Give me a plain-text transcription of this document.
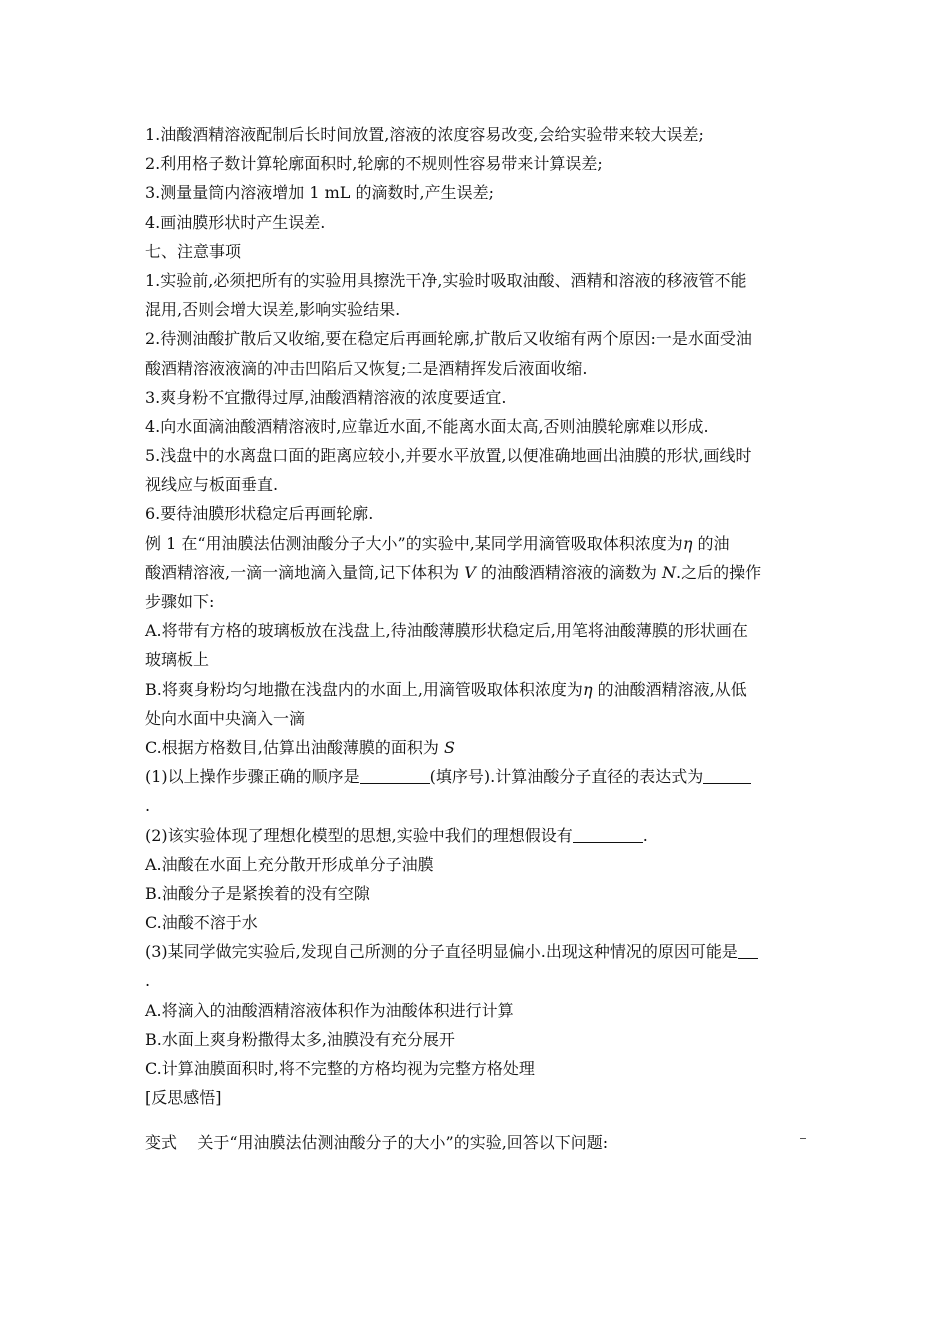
1.油酸酒精溶液配制后长时间放置,溶液的浓度容易改变,会给实验带来较大误差;
2.利用格子数计算轮廓面积时,轮廓的不规则性容易带来计算误差;
3.测量量筒内溶液增加 1 mL 的滴数时,产生误差;
4.画油膜形状时产生误差.
七、注意事项
1.实验前,必须把所有的实验用具擦洗干净,实验时吸取油酸、酒精和溶液的移液管不能
混用,否则会增大误差,影响实验结果.
2.待测油酸扩散后又收缩,要在稳定后再画轮廓,扩散后又收缩有两个原因:一是水面受油
酸酒精溶液液滴的冲击凹陷后又恢复;二是酒精挥发后液面收缩.
3.爽身粉不宜撒得过厚,油酸酒精溶液的浓度要适宜.
4.向水面滴油酸酒精溶液时,应靠近水面,不能离水面太高,否则油膜轮廓难以形成.
5.浅盘中的水离盘口面的距离应较小,并要水平放置,以便准确地画出油膜的形状,画线时
视线应与板面垂直.
6.要待油膜形状稳定后再画轮廓.
例 1 在“用油膜法估测油酸分子大小”的实验中,某同学用滴管吸取体积浓度为η 的油
酸酒精溶液,一滴一滴地滴入量筒,记下体积为 V 的油酸酒精溶液的滴数为 N.之后的操作
步骤如下:
A.将带有方格的玻璃板放在浅盘上,待油酸薄膜形状稳定后,用笔将油酸薄膜的形状画在
玻璃板上
B.将爽身粉均匀地撒在浅盘内的水面上,用滴管吸取体积浓度为η 的油酸酒精溶液,从低
处向水面中央滴入一滴
C.根据方格数目,估算出油酸薄膜的面积为 S
(1)以上操作步骤正确的顺序是	(填序号).计算油酸分子直径的表达式为
.
(2)该实验体现了理想化模型的思想,实验中我们的理想假设有	.
A.油酸在水面上充分散开形成单分子油膜
B.油酸分子是紧挨着的没有空隙
C.油酸不溶于水
(3)某同学做完实验后,发现自己所测的分子直径明显偏小.出现这种情况的原因可能是
.
A.将滴入的油酸酒精溶液体积作为油酸体积进行计算
B.水面上爽身粉撒得太多,油膜没有充分展开
C.计算油膜面积时,将不完整的方格均视为完整方格处理
[反思感悟]
变式    关于“用油膜法估测油酸分子的大小”的实验,回答以下问题:
